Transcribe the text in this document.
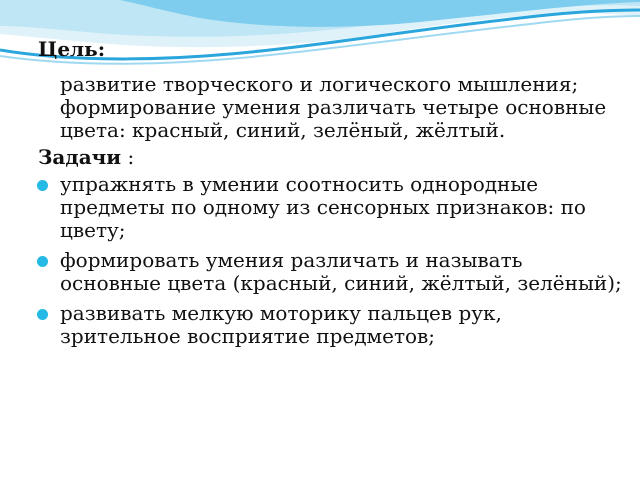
Цель:

развитие творческого и логического мышления; формирование умения различать четыре основные цвета: красный, синий, зелёный, жёлтый.

Задачи :

упражнять в умении соотносить однородные предметы по одному из сенсорных признаков: по цвету;
формировать умения различать и называть основные цвета (красный, синий, жёлтый, зелёный);
развивать мелкую моторику пальцев рук, зрительное восприятие предметов;
